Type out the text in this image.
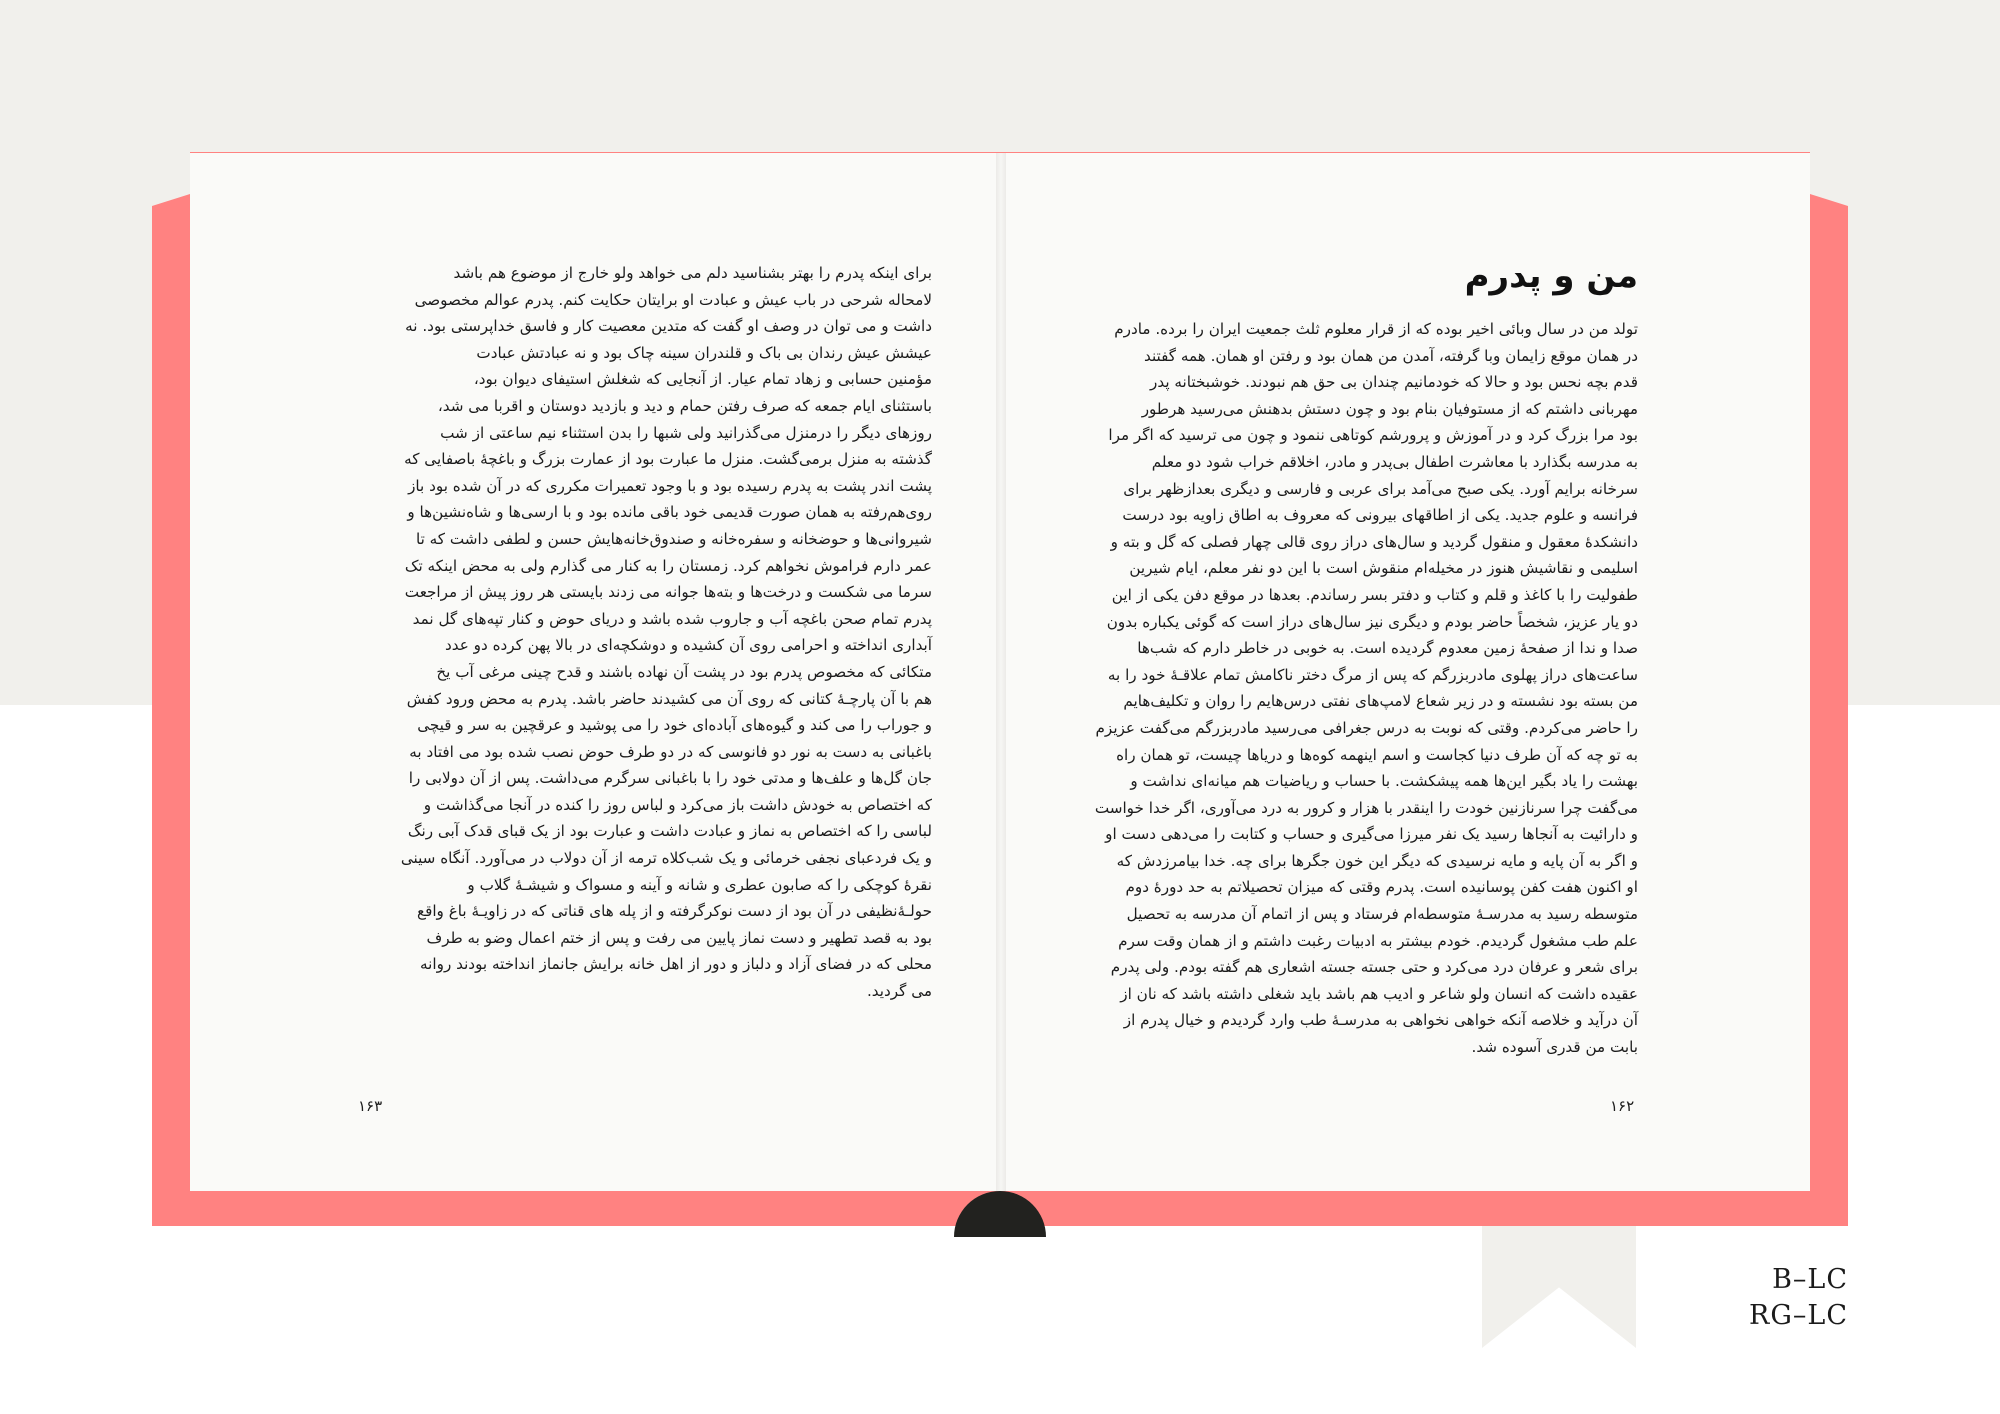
من و پدرم
برای اینکه پدرم را بهتر بشناسید دلم می خواهد ولو خارج از موضوع هم باشد
لامحاله شرحی در باب عیش و عبادت او برایتان حکایت کنم. پدرم عوالم مخصوصی
داشت و می توان در وصف او گفت که متدین معصیت کار و فاسق خداپرستی بود. نه
عیشش عیش رندان بی باک و قلندران سینه چاک بود و نه عبادتش عبادت
مؤمنین حسابی و زهاد تمام عیار. از آنجایی که شغلش استیفای دیوان بود،
باستثنای ایام جمعه که صرف رفتن حمام و دید و بازدید دوستان و اقربا می شد،
روزهای دیگر را درمنزل می‌گذرانید ولی شبها را بدن استثناء نیم ساعتی از شب
گذشته به منزل برمی‌گشت. منزل ما عبارت بود از عمارت بزرگ و باغچهٔ باصفایی که
پشت اندر پشت به پدرم رسیده بود و با وجود تعمیرات مکرری که در آن شده بود باز
روی‌هم‌رفته به همان صورت قدیمی خود باقی مانده بود و با ارسی‌ها و شاه‌نشین‌ها و
شیروانی‌ها و حوضخانه و سفره‌خانه و صندوق‌خانه‌هایش حسن و لطفی داشت که تا
عمر دارم فراموش نخواهم کرد. زمستان را به کنار می گذارم ولی به محض اینکه تک
سرما می شکست و درخت‌ها و بته‌ها جوانه می زدند بایستی هر روز پیش از مراجعت
پدرم تمام صحن باغچه آب و جاروب شده باشد و دریای حوض و کنار تپه‌های گل نمد
آبداری انداخته و احرامی روی آن کشیده و دوشکچه‌ای در بالا پهن کرده دو عدد
متکائی که مخصوص پدرم بود در پشت آن نهاده باشند و قدح چینی مرغی آب یخ
هم با آن پارچـهٔ کتانی که روی آن می کشیدند حاضر باشد. پدرم به محض ورود کفش
و جوراب را می کند و گیوه‌های آباده‌ای خود را می پوشید و عرقچین به سر و قیچی
باغبانی به دست به نور دو فانوسی که در دو طرف حوض نصب شده بود می افتاد به
جان گل‌ها و علف‌ها و مدتی خود را با باغبانی سرگرم می‌داشت. پس از آن دولابی را
که اختصاص به خودش داشت باز می‌کرد و لباس روز را کنده در آنجا می‌گذاشت و
لباسی را که اختصاص به نماز و عبادت داشت و عبارت بود از یک قبای قدک آبی رنگ
و یک فردعبای نجفی خرمائی و یک شب‌کلاه ترمه از آن دولاب در می‌آورد. آنگاه سینی
نقرهٔ کوچکی را که صابون عطری و شانه و آینه و مسواک و شیشـهٔ گلاب و
حولـهٔ‌نظیفی در آن بود از دست نوکرگرفته و از پله های قناتی که در زاویـهٔ باغ واقع
بود به قصد تطهیر و دست نماز پایین می رفت و پس از ختم اعمال وضو به طرف
محلی که در فضای آزاد و دلباز و دور از اهل خانه برایش جانماز انداخته بودند روانه
می گردید.
تولد من در سال وبائی اخیر بوده که از قرار معلوم ثلث جمعیت ایران را برده. مادرم
در همان موقع زایمان وبا گرفته، آمدن من همان بود و رفتن او همان. همه گفتند
قدم بچه نحس بود و حالا که خودمانیم چندان بی حق هم نبودند. خوشبختانه پدر
مهربانی داشتم که از مستوفیان بنام بود و چون دستش بدهنش می‌رسید هرطور
بود مرا بزرگ کرد و در آموزش و پرورشم کوتاهی ننمود و چون می ترسید که اگر مرا
به مدرسه بگذارد با معاشرت اطفال بی‌پدر و مادر، اخلاقم خراب شود دو معلم
سرخانه برایم آورد. یکی صبح می‌آمد برای عربی و فارسی و دیگری بعدازظهر برای
فرانسه و علوم جدید. یکی از اطاقهای بیرونی که معروف به اطاق زاویه بود درست
دانشکدهٔ معقول و منقول گردید و سال‌های دراز روی قالی چهار فصلی که گل و بته و
اسلیمی و نقاشیش هنوز در مخیله‌ام منقوش است با این دو نفر معلم، ایام شیرین
طفولیت را با کاغذ و قلم و کتاب و دفتر بسر رساندم. بعدها در موقع دفن یکی از این
دو یار عزیز، شخصاً حاضر بودم و دیگری نیز سال‌های دراز است که گوئی یکباره بدون
صدا و ندا از صفحهٔ زمین معدوم گردیده است. به خوبی در خاطر دارم که شب‌ها
ساعت‌های دراز پهلوی مادربزرگم که پس از مرگ دختر ناکامش تمام علاقـهٔ خود را به
من بسته بود نشسته و در زیر شعاع لامپ‌های نفتی درس‌هایم را روان و تکلیف‌هایم
را حاضر می‌کردم. وقتی که نوبت به درس جغرافی می‌رسید مادربزرگم می‌گفت عزیزم
به تو چه که آن طرف دنیا کجاست و اسم اینهمه کوه‌ها و دریاها چیست، تو همان راه
بهشت را یاد بگیر این‌ها همه پیشکشت. با حساب و ریاضیات هم میانه‌ای نداشت و
می‌گفت چرا سرنازنین خودت را اینقدر با هزار و کرور به درد می‌آوری، اگر خدا خواست
و دارائیت به آنجاها رسید یک نفر میرزا می‌گیری و حساب و کتابت را می‌دهی دست او
و اگر به آن پایه و مایه نرسیدی که دیگر این خون جگرها برای چه. خدا بیامرزدش که
او اکنون هفت کفن پوسانیده است. پدرم وقتی که میزان تحصیلاتم به حد دورهٔ دوم
متوسطه رسید به مدرسـهٔ متوسطه‌ام فرستاد و پس از اتمام آن مدرسه به تحصیل
علم طب مشغول گردیدم. خودم بیشتر به ادبیات رغبت داشتم و از همان وقت سرم
برای شعر و عرفان درد می‌کرد و حتی جسته جسته اشعاری هم گفته بودم. ولی پدرم
عقیده داشت که انسان ولو شاعر و ادیب هم باشد باید شغلی داشته باشد که نان از
آن درآید و خلاصه آنکه خواهی نخواهی به مدرسـهٔ طب وارد گردیدم و خیال پدرم از
بابت من قدری آسوده شد.
۱۶۳	۱۶۲
B–LC
RG–LC
